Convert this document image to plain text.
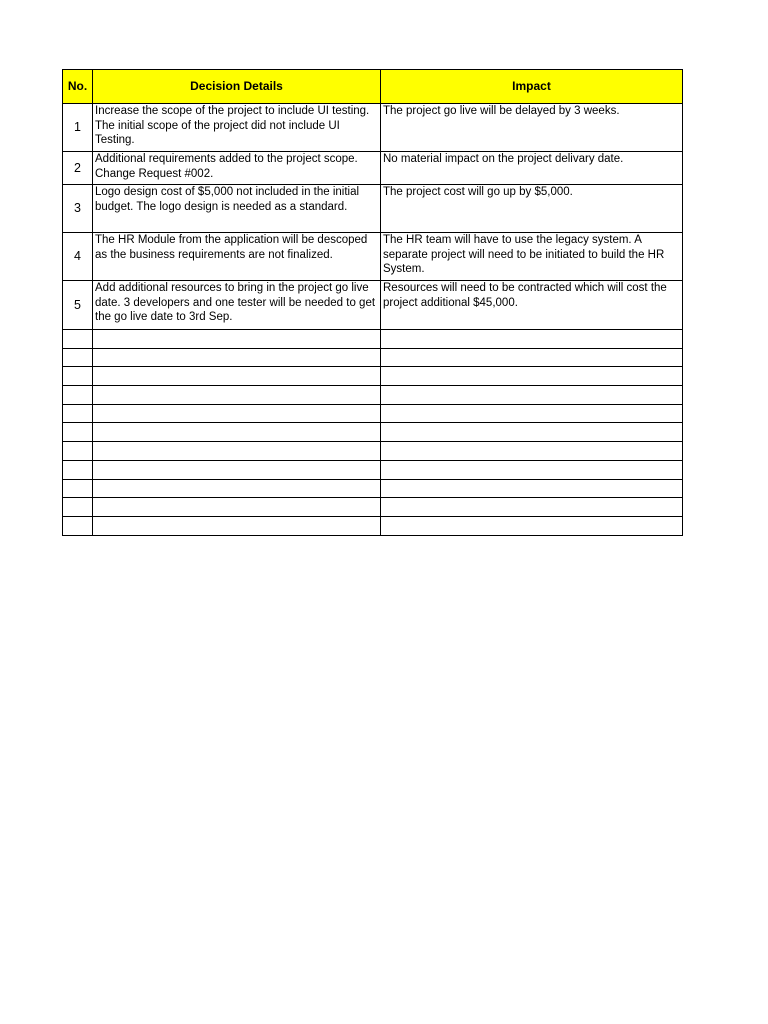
No.	Decision Details	Impact
1	Increase the scope of the project to include UI testing. The initial scope of the project did not include UI Testing.	The project go live will be delayed by 3 weeks.
2	Additional requirements added to the project scope. Change Request #002.	No material impact on the project delivary date.
3	Logo design cost of $5,000 not included in the initial budget. The logo design is needed as a standard.	The project cost will go up by $5,000.
4	The HR Module from the application will be descoped as the business requirements are not finalized.	The HR team will have to use the legacy system. A separate project will need to be initiated to build the HR System.
5	Add additional resources to bring in the project go live date. 3 developers and one tester will be needed to get the go live date to 3rd Sep.	Resources will need to be contracted which will cost the project additional $45,000.
